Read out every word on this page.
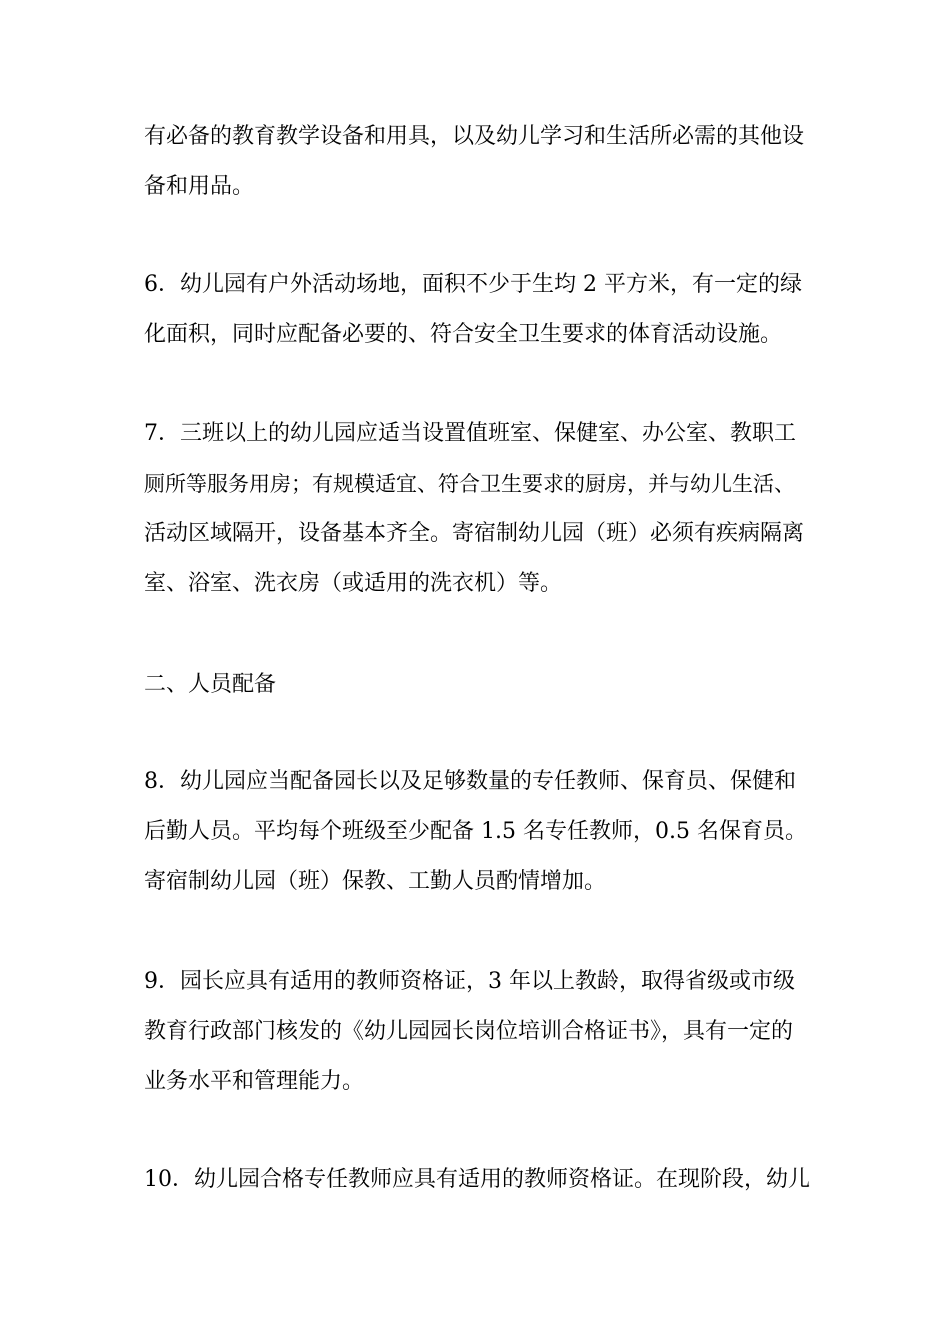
有必备的教育教学设备和用具，以及幼儿学习和生活所必需的其他设
备和用品。

6．幼儿园有户外活动场地，面积不少于生均 2 平方米，有一定的绿
化面积，同时应配备必要的、符合安全卫生要求的体育活动设施。

7．三班以上的幼儿园应适当设置值班室、保健室、办公室、教职工
厕所等服务用房；有规模适宜、符合卫生要求的厨房，并与幼儿生活、
活动区域隔开，设备基本齐全。寄宿制幼儿园（班）必须有疾病隔离
室、浴室、洗衣房（或适用的洗衣机）等。

二、人员配备

8．幼儿园应当配备园长以及足够数量的专任教师、保育员、保健和
后勤人员。平均每个班级至少配备 1.5 名专任教师，0.5 名保育员。
寄宿制幼儿园（班）保教、工勤人员酌情增加。

9．园长应具有适用的教师资格证，3 年以上教龄，取得省级或市级
教育行政部门核发的《幼儿园园长岗位培训合格证书》，具有一定的
业务水平和管理能力。

10．幼儿园合格专任教师应具有适用的教师资格证。在现阶段，幼儿
